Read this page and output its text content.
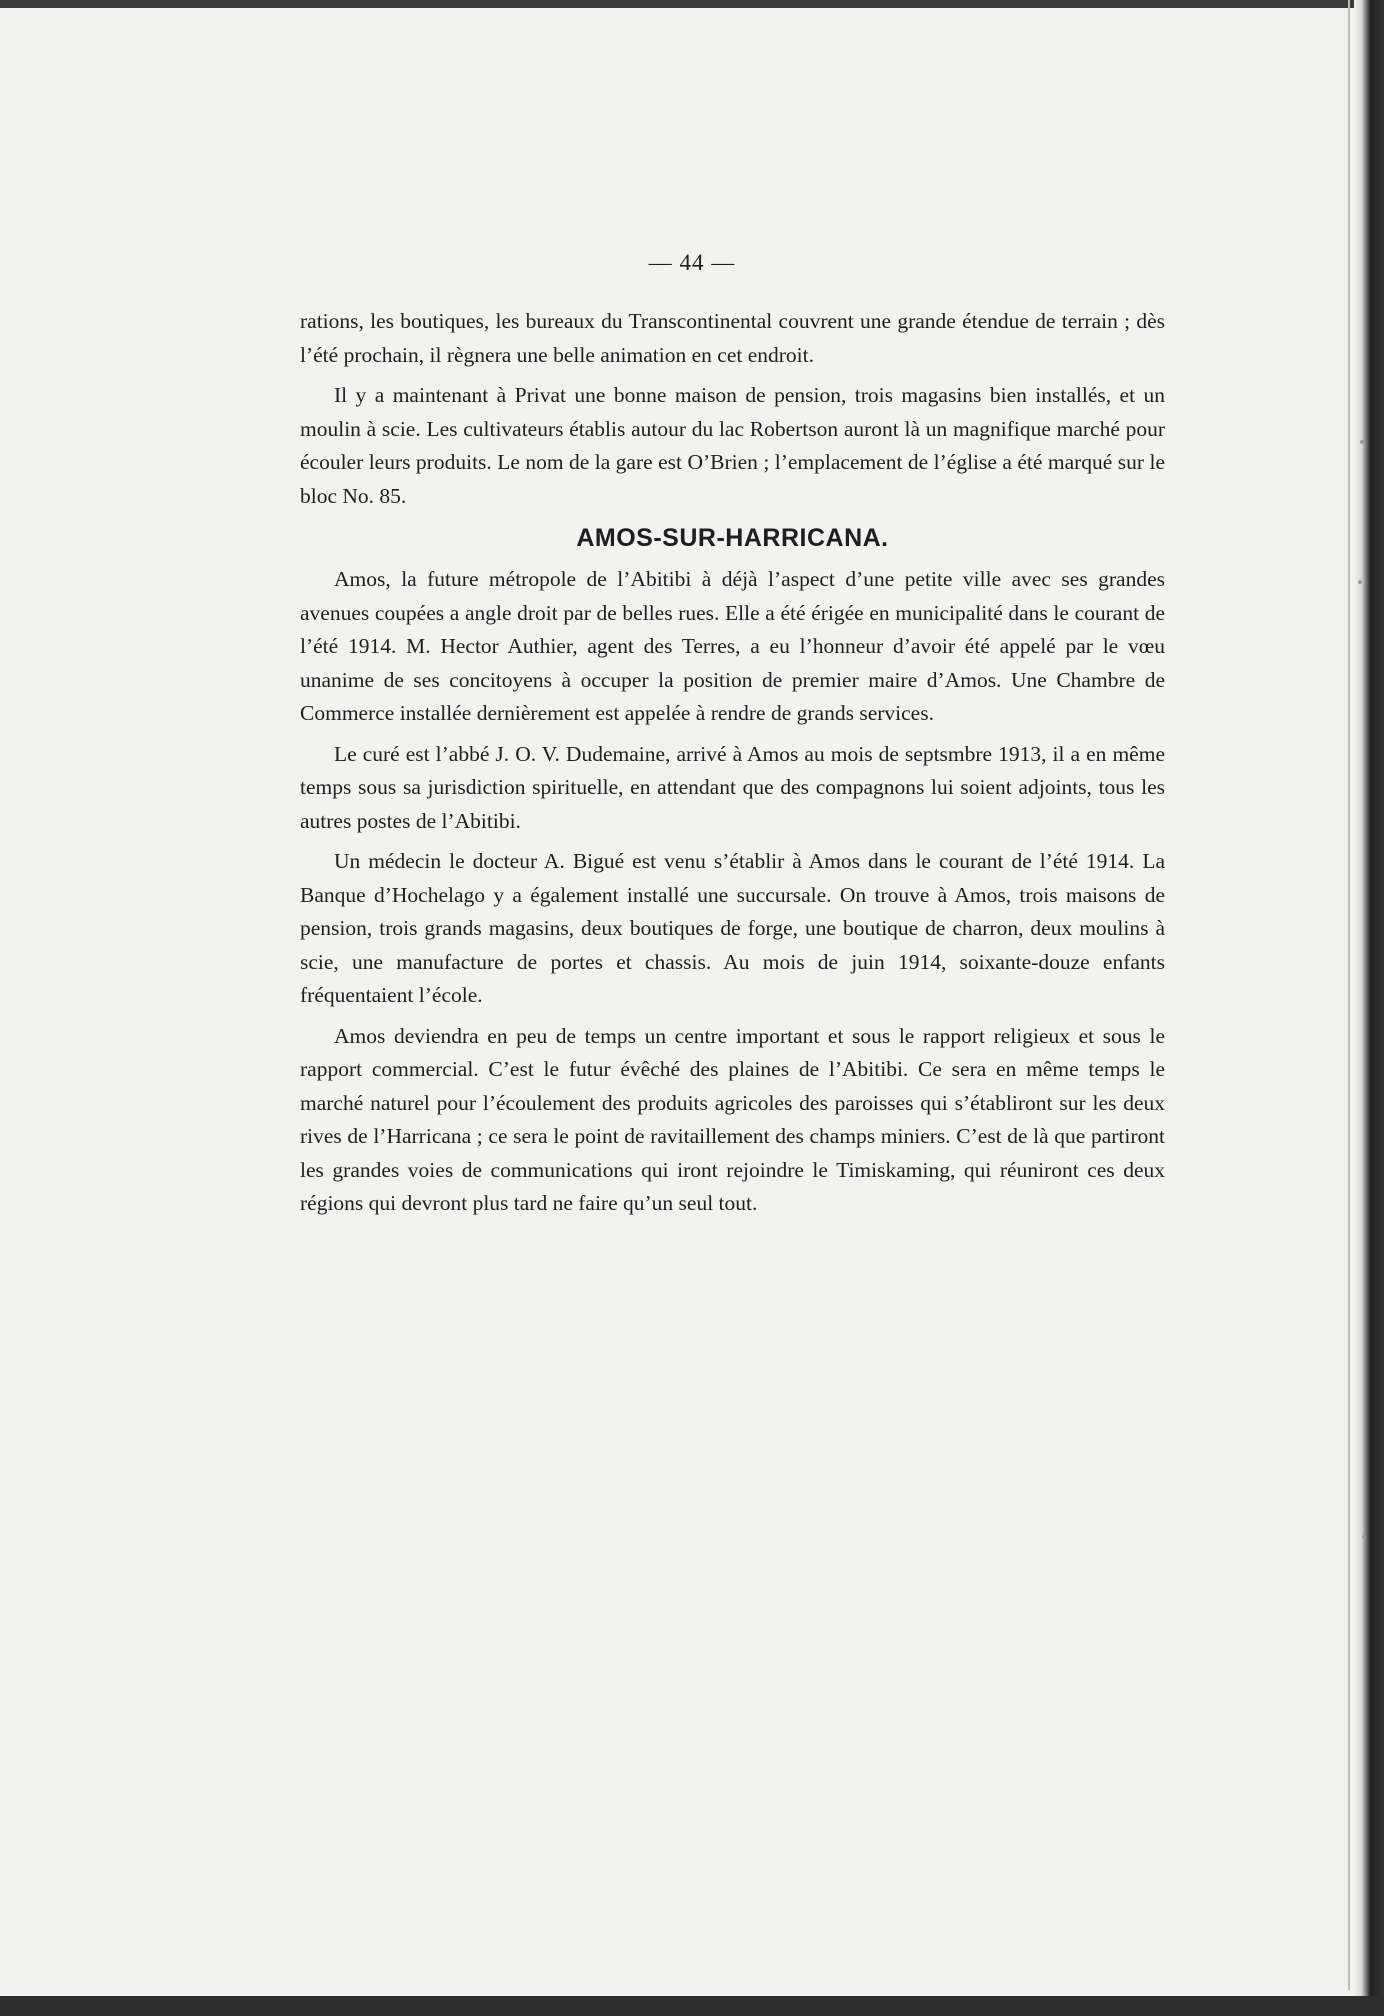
— 44 —

rations, les boutiques, les bureaux du Transcontinental couvrent une grande étendue de terrain ; dès l’été prochain, il règnera une belle animation en cet endroit.

Il y a maintenant à Privat une bonne maison de pension, trois magasins bien installés, et un moulin à scie. Les cultivateurs établis autour du lac Robertson auront là un magnifique marché pour écouler leurs produits. Le nom de la gare est O’Brien ; l’emplacement de l’église a été marqué sur le bloc No. 85.

AMOS-SUR-HARRICANA.

Amos, la future métropole de l’Abitibi à déjà l’aspect d’une petite ville avec ses grandes avenues coupées a angle droit par de belles rues. Elle a été érigée en municipalité dans le courant de l’été 1914. M. Hector Authier, agent des Terres, a eu l’honneur d’avoir été appelé par le vœu unanime de ses concitoyens à occuper la position de premier maire d’Amos. Une Chambre de Commerce installée dernièrement est appelée à rendre de grands services.

Le curé est l’abbé J. O. V. Dudemaine, arrivé à Amos au mois de septsmbre 1913, il a en même temps sous sa jurisdiction spirituelle, en attendant que des compagnons lui soient adjoints, tous les autres postes de l’Abitibi.

Un médecin le docteur A. Bigué est venu s’établir à Amos dans le courant de l’été 1914. La Banque d’Hochelago y a également installé une succursale. On trouve à Amos, trois maisons de pension, trois grands magasins, deux boutiques de forge, une boutique de charron, deux moulins à scie, une manufacture de portes et chassis. Au mois de juin 1914, soixante-douze enfants fréquentaient l’école.

Amos deviendra en peu de temps un centre important et sous le rapport religieux et sous le rapport commercial. C’est le futur évêché des plaines de l’Abitibi. Ce sera en même temps le marché naturel pour l’écoulement des produits agricoles des paroisses qui s’établiront sur les deux rives de l’Harricana ; ce sera le point de ravitaillement des champs miniers. C’est de là que partiront les grandes voies de communications qui iront rejoindre le Timiskaming, qui réuniront ces deux régions qui devront plus tard ne faire qu’un seul tout.
